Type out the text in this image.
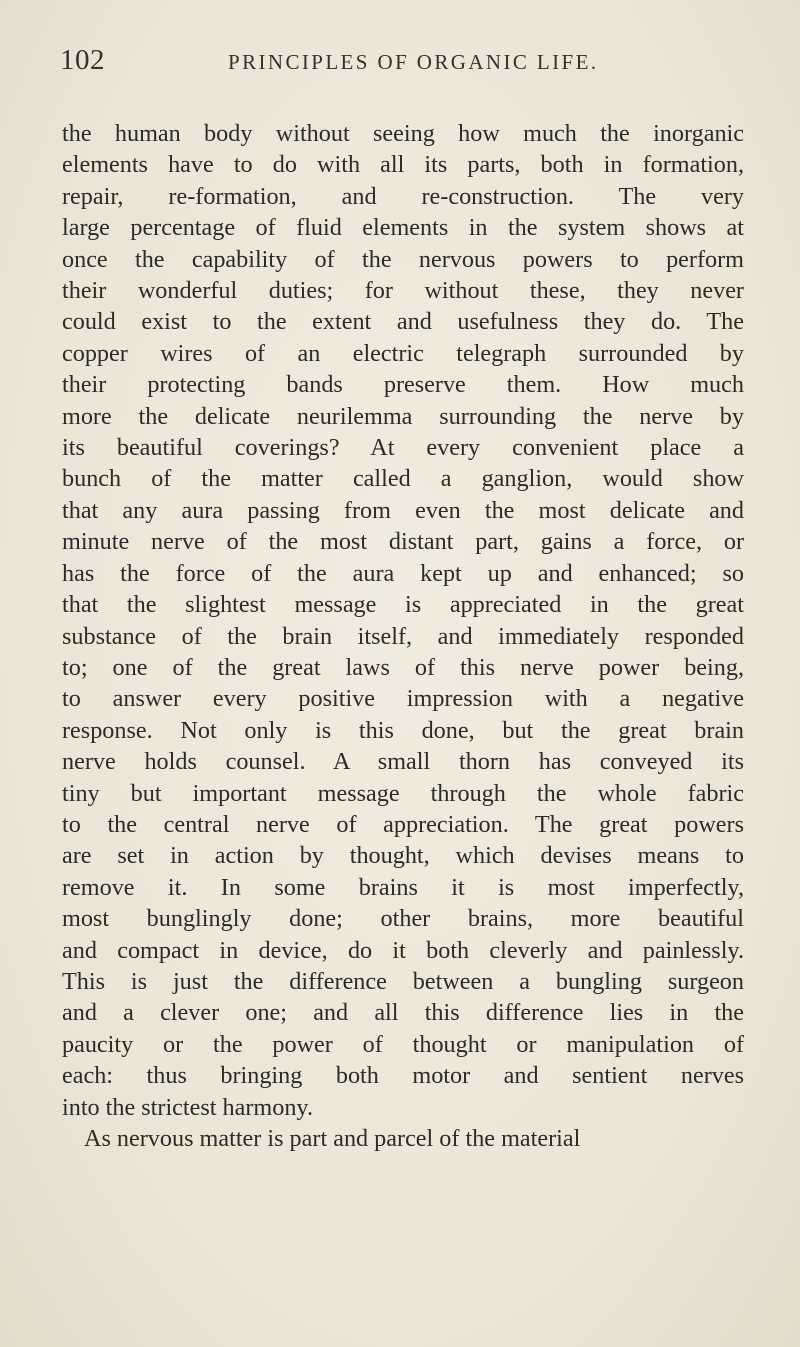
102	PRINCIPLES OF ORGANIC LIFE.
the human body without seeing how much the inorganic
elements have to do with all its parts, both in formation,
repair, re-formation, and re-construction. The very
large percentage of fluid elements in the system shows at
once the capability of the nervous powers to perform
their wonderful duties; for without these, they never
could exist to the extent and usefulness they do. The
copper wires of an electric telegraph surrounded by
their protecting bands preserve them. How much
more the delicate neurilemma surrounding the nerve by
its beautiful coverings? At every convenient place a
bunch of the matter called a ganglion, would show
that any aura passing from even the most delicate and
minute nerve of the most distant part, gains a force, or
has the force of the aura kept up and enhanced; so
that the slightest message is appreciated in the great
substance of the brain itself, and immediately responded
to; one of the great laws of this nerve power being,
to answer every positive impression with a negative
response. Not only is this done, but the great brain
nerve holds counsel. A small thorn has conveyed its
tiny but important message through the whole fabric
to the central nerve of appreciation. The great powers
are set in action by thought, which devises means to
remove it. In some brains it is most imperfectly,
most bunglingly done; other brains, more beautiful
and compact in device, do it both cleverly and painlessly.
This is just the difference between a bungling surgeon
and a clever one; and all this difference lies in the
paucity or the power of thought or manipulation of
each: thus bringing both motor and sentient nerves
into the strictest harmony.
As nervous matter is part and parcel of the material
